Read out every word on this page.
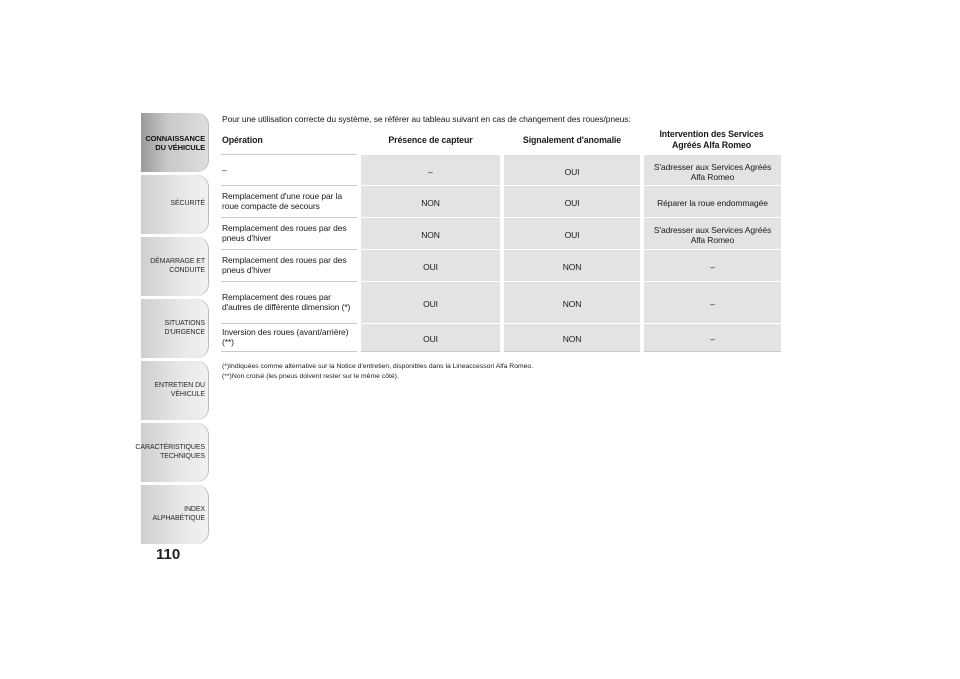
CONNAISSANCE
DU VÉHICULE
SÉCURITÉ
DÉMARRAGE ET
CONDUITE
SITUATIONS
D'URGENCE
ENTRETIEN DU
VÉHICULE
CARACTÉRISTIQUES
TECHNIQUES
INDEX
ALPHABÉTIQUE
110
Pour une utilisation correcte du système, se référer au tableau suivant en cas de changement des roues/pneus:
Opération	Présence de capteur	Signalement d'anomalie	Intervention des Services Agréés Alfa Romeo
–	–	OUI	S'adresser aux Services Agréés Alfa Romeo
Remplacement d'une roue par la roue compacte de secours	NON	OUI	Réparer la roue endommagée
Remplacement des roues par des pneus d'hiver	NON	OUI	S'adresser aux Services Agréés Alfa Romeo
Remplacement des roues par des pneus d'hiver	OUI	NON	–
Remplacement des roues par d'autres de différente dimension (*)	OUI	NON	–
Inversion des roues (avant/arrière) (**)	OUI	NON	–
(*)Indiquées comme alternative sur la Notice d'entretien, disponibles dans la Lineaccessori Alfa Romeo.
(**)Non croisé (les pneus doivent rester sur le même côté).
